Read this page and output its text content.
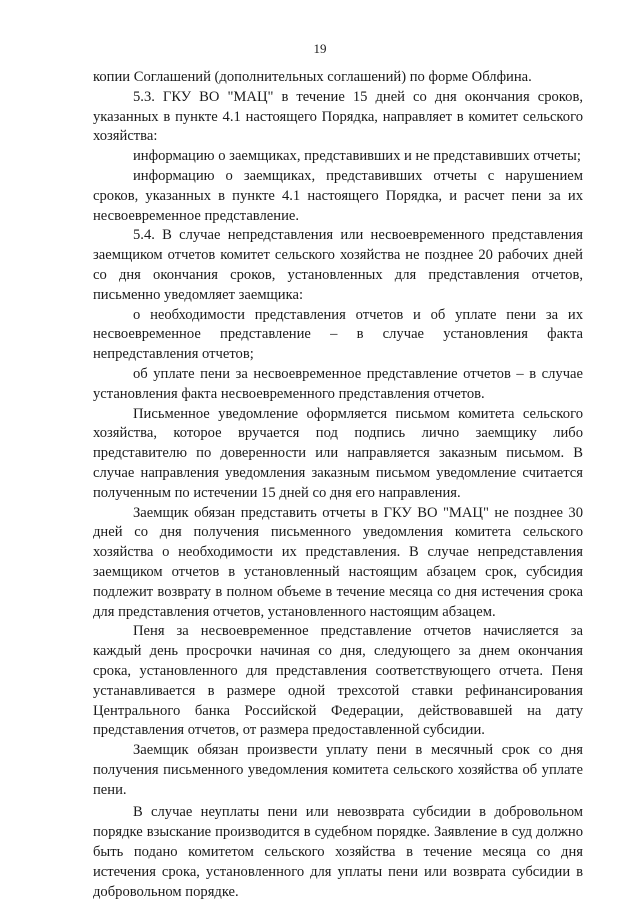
19

копии Соглашений (дополнительных соглашений) по форме Облфина.

5.3. ГКУ ВО "МАЦ" в течение 15 дней со дня окончания сроков, указанных в пункте 4.1 настоящего Порядка, направляет в комитет сельского хозяйства:

информацию о заемщиках, представивших и не представивших отчеты;

информацию о заемщиках, представивших отчеты с нарушением сроков, указанных в пункте 4.1 настоящего Порядка, и расчет пени за их несвоевременное представление.

5.4. В случае непредставления или несвоевременного представления заемщиком отчетов комитет сельского хозяйства не позднее 20 рабочих дней со дня окончания сроков, установленных для представления отчетов, письменно уведомляет заемщика:

о необходимости представления отчетов и об уплате пени за их несвоевременное представление – в случае установления факта непредставления отчетов;

об уплате пени за несвоевременное представление отчетов – в случае установления факта несвоевременного представления отчетов.

Письменное уведомление оформляется письмом комитета сельского хозяйства, которое вручается под подпись лично заемщику либо представителю по доверенности или направляется заказным письмом. В случае направления уведомления заказным письмом уведомление считается полученным по истечении 15 дней со дня его направления.

Заемщик обязан представить отчеты в ГКУ ВО "МАЦ" не позднее 30 дней со дня получения письменного уведомления комитета сельского хозяйства о необходимости их представления. В случае непредставления заемщиком отчетов в установленный настоящим абзацем срок, субсидия подлежит возврату в полном объеме в течение месяца со дня истечения срока для представления отчетов, установленного настоящим абзацем.

Пеня за несвоевременное представление отчетов начисляется за каждый день просрочки начиная со дня, следующего за днем окончания срока, установленного для представления соответствующего отчета. Пеня устанавливается в размере одной трехсотой ставки рефинансирования Центрального банка Российской Федерации, действовавшей на дату представления отчетов, от размера предоставленной субсидии.

Заемщик обязан произвести уплату пени в месячный срок со дня получения письменного уведомления комитета сельского хозяйства об уплате пени.

В случае неуплаты пени или невозврата субсидии в добровольном порядке взыскание производится в судебном порядке. Заявление в суд должно быть подано комитетом сельского хозяйства в течение месяца со дня истечения срока, установленного для уплаты пени или возврата субсидии в добровольном порядке.
